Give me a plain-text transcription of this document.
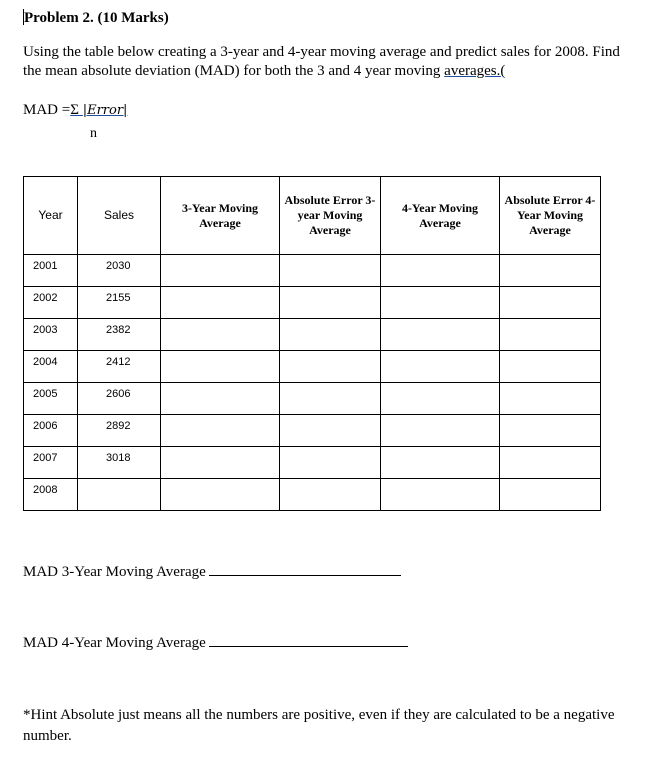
Problem 2. (10 Marks)
Using the table below creating a 3-year and 4-year moving average and predict sales for 2008. Find the mean absolute deviation (MAD) for both the 3 and 4 year moving averages.(
MAD =Σ |Error|
n
Year	Sales	3-Year Moving Average	Absolute Error 3-year Moving Average	4-Year Moving Average	Absolute Error 4-Year Moving Average

2001	2030				

2002	2155				

2003	2382				

2004	2412				

2005	2606				

2006	2892				

2007	3018				

2008					

MAD 3-Year Moving Average
MAD 4-Year Moving Average
*Hint Absolute just means all the numbers are positive, even if they are calculated to be a negative number.
